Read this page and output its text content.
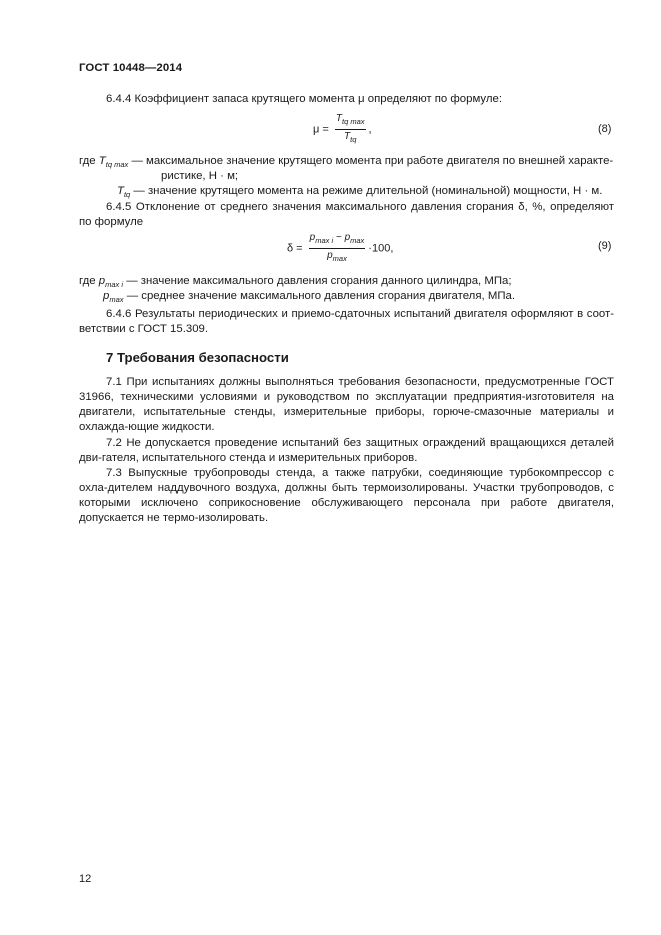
ГОСТ 10448—2014
6.4.4 Коэффициент запаса крутящего момента μ определяют по формуле:
$\mu = \frac{T_{tq max}}{T_{tq}}$ ,	(8)
где $T_{tq max}$ — максимальное значение крутящего момента при работе двигателя по внешней характе-
ристике, Н · м;
$T_{tq}$ — значение крутящего момента на режиме длительной (номинальной) мощности, Н · м.
6.4.5 Отклонение от среднего значения максимального давления сгорания δ, %, определяют по формуле
$\delta = \frac{p_{max i} - p_{max}}{p_{max}} \cdot 100$,	(9)
где $p_{max i}$ — значение максимального давления сгорания данного цилиндра, МПа;
$p_{max}$ — среднее значение максимального давления сгорания двигателя, МПа.
6.4.6 Результаты периодических и приемо-сдаточных испытаний двигателя оформляют в соот-ветствии с ГОСТ 15.309.
7 Требования безопасности
7.1 При испытаниях должны выполняться требования безопасности, предусмотренные ГОСТ 31966, техническими условиями и руководством по эксплуатации предприятия-изготовителя на двигатели, испытательные стенды, измерительные приборы, горюче-смазочные материалы и охлажда-ющие жидкости.
7.2 Не допускается проведение испытаний без защитных ограждений вращающихся деталей дви-гателя, испытательного стенда и измерительных приборов.
7.3 Выпускные трубопроводы стенда, а также патрубки, соединяющие турбокомпрессор с охла-дителем наддувочного воздуха, должны быть термоизолированы. Участки трубопроводов, с которыми исключено соприкосновение обслуживающего персонала при работе двигателя, допускается не термо-изолировать.
12
